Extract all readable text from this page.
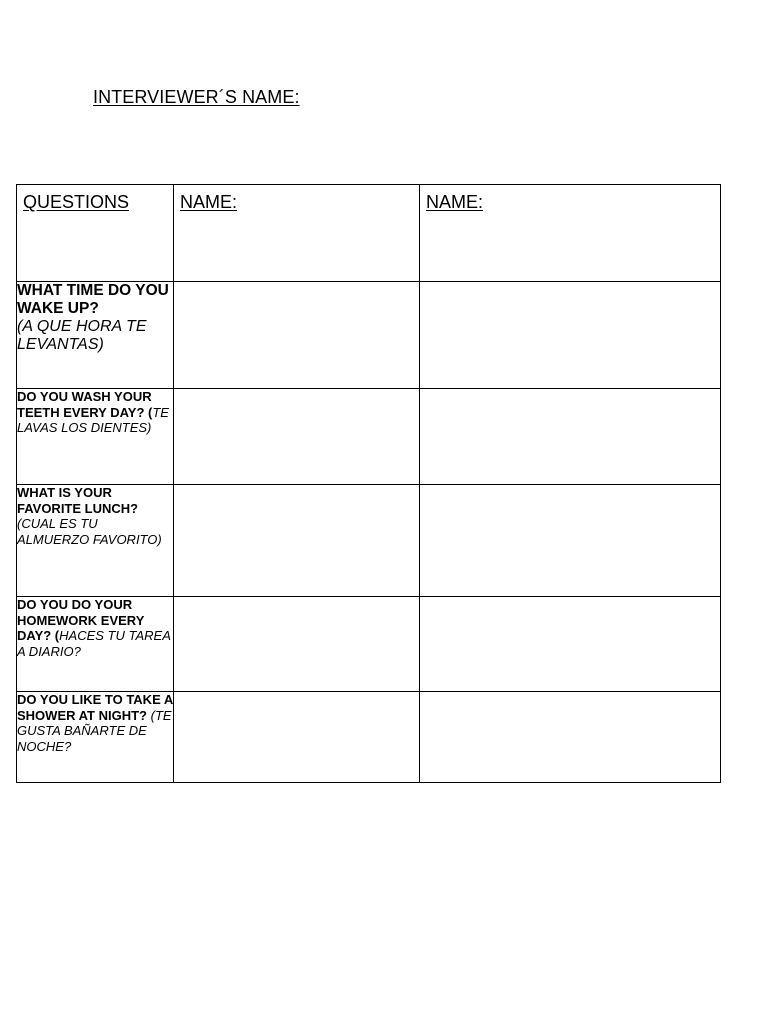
INTERVIEWER´S NAME:
QUESTIONS	NAME:	NAME:

WHAT TIME DO YOU WAKE UP?
(A QUE HORA TE LEVANTAS)		

DO YOU WASH YOUR TEETH EVERY DAY? (TE LAVAS LOS DIENTES)		

WHAT IS YOUR FAVORITE LUNCH?
(CUAL ES TU ALMUERZO FAVORITO)		

DO YOU DO YOUR HOMEWORK EVERY DAY? (HACES TU TAREA A DIARIO?		
DO YOU LIKE TO TAKE A SHOWER AT NIGHT? (TE GUSTA BAÑARTE DE NOCHE?		
